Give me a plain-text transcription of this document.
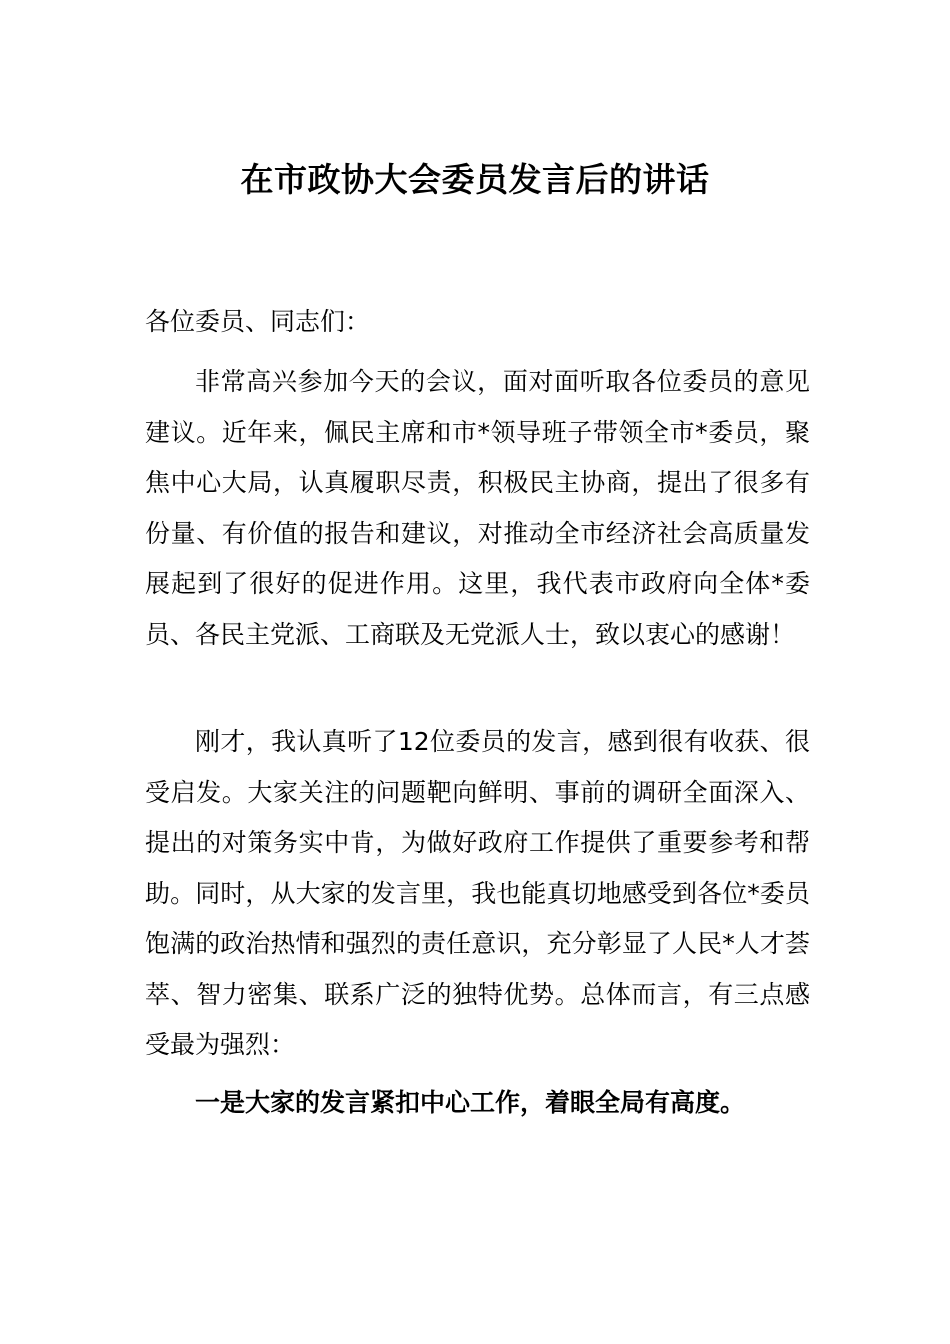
在市政协大会委员发言后的讲话

各位委员、同志们：

非常高兴参加今天的会议，面对面听取各位委员的意见建议。近年来，佩民主席和市*领导班子带领全市*委员，聚焦中心大局，认真履职尽责，积极民主协商，提出了很多有份量、有价值的报告和建议，对推动全市经济社会高质量发展起到了很好的促进作用。这里，我代表市政府向全体*委员、各民主党派、工商联及无党派人士，致以衷心的感谢！

刚才，我认真听了12位委员的发言，感到很有收获、很受启发。大家关注的问题靶向鲜明、事前的调研全面深入、提出的对策务实中肯，为做好政府工作提供了重要参考和帮助。同时，从大家的发言里，我也能真切地感受到各位*委员饱满的政治热情和强烈的责任意识，充分彰显了人民*人才荟萃、智力密集、联系广泛的独特优势。总体而言，有三点感受最为强烈：

一是大家的发言紧扣中心工作，着眼全局有高度。
